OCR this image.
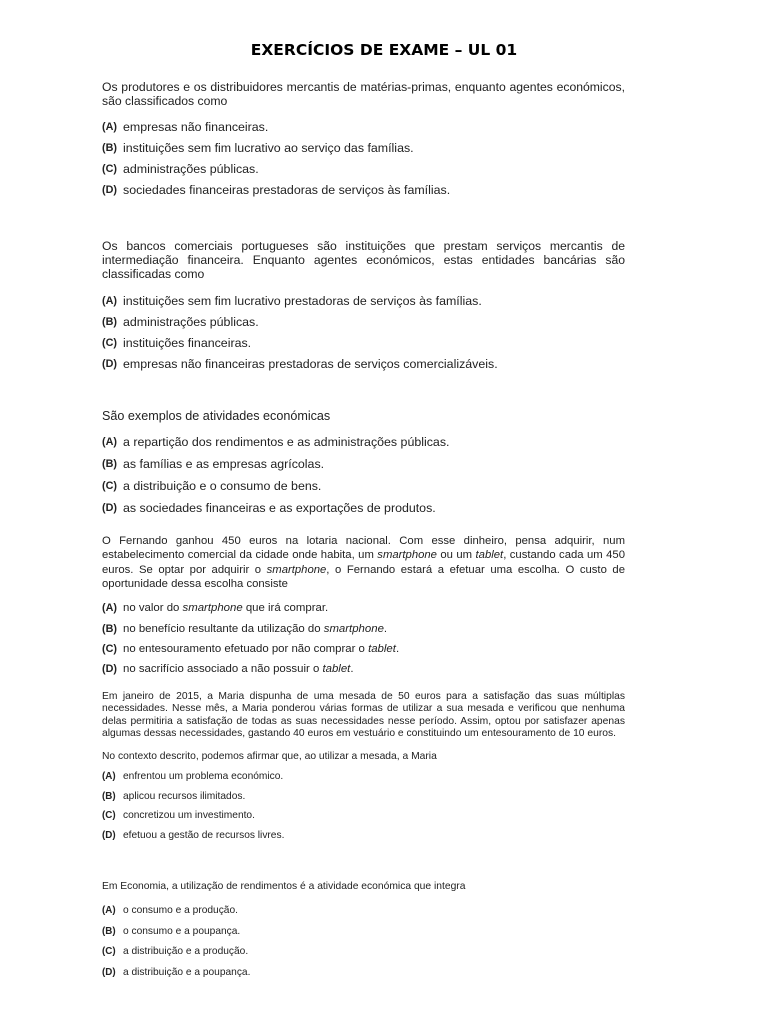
EXERCÍCIOS DE EXAME – UL 01

Os produtores e os distribuidores mercantis de matérias-primas, enquanto agentes económicos, são classificados como

(A) empresas não financeiras.
(B) instituições sem fim lucrativo ao serviço das famílias.
(C) administrações públicas.
(D) sociedades financeiras prestadoras de serviços às famílias.

Os bancos comerciais portugueses são instituições que prestam serviços mercantis de intermediação financeira. Enquanto agentes económicos, estas entidades bancárias são classificadas como

(A) instituições sem fim lucrativo prestadoras de serviços às famílias.
(B) administrações públicas.
(C) instituições financeiras.
(D) empresas não financeiras prestadoras de serviços comercializáveis.

São exemplos de atividades económicas

(A) a repartição dos rendimentos e as administrações públicas.
(B) as famílias e as empresas agrícolas.
(C) a distribuição e o consumo de bens.
(D) as sociedades financeiras e as exportações de produtos.

O Fernando ganhou 450 euros na lotaria nacional. Com esse dinheiro, pensa adquirir, num estabelecimento comercial da cidade onde habita, um smartphone ou um tablet, custando cada um 450 euros. Se optar por adquirir o smartphone, o Fernando estará a efetuar uma escolha. O custo de oportunidade dessa escolha consiste

(A) no valor do smartphone que irá comprar.
(B) no benefício resultante da utilização do smartphone.
(C) no entesouramento efetuado por não comprar o tablet.
(D) no sacrifício associado a não possuir o tablet.

Em janeiro de 2015, a Maria dispunha de uma mesada de 50 euros para a satisfação das suas múltiplas necessidades. Nesse mês, a Maria ponderou várias formas de utilizar a sua mesada e verificou que nenhuma delas permitiria a satisfação de todas as suas necessidades nesse período. Assim, optou por satisfazer apenas algumas dessas necessidades, gastando 40 euros em vestuário e constituindo um entesouramento de 10 euros.

No contexto descrito, podemos afirmar que, ao utilizar a mesada, a Maria

(A) enfrentou um problema económico.
(B) aplicou recursos ilimitados.
(C) concretizou um investimento.
(D) efetuou a gestão de recursos livres.

Em Economia, a utilização de rendimentos é a atividade económica que integra

(A) o consumo e a produção.
(B) o consumo e a poupança.
(C) a distribuição e a produção.
(D) a distribuição e a poupança.
